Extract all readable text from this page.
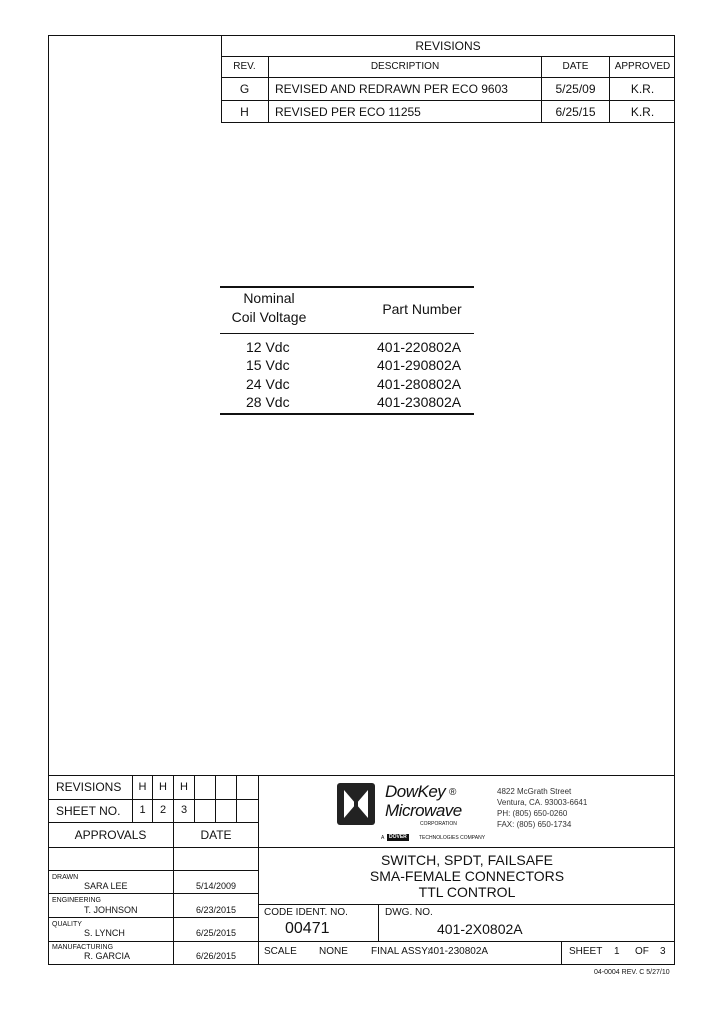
REVISIONS
REV.	DESCRIPTION	DATE	APPROVED
G	REVISED AND REDRAWN PER ECO 9603	5/25/09	K.R.
H	REVISED PER ECO 11255	6/25/15	K.R.
Nominal
Coil Voltage	Part Number
12 Vdc	401-220802A
15 Vdc	401-290802A
24 Vdc	401-280802A
28 Vdc	401-230802A
REVISIONS	H	H	H
SHEET NO.	1	2	3
APPROVALS	DATE
DRAWN
SARA LEE	5/14/2009
ENGINEERING
T. JOHNSON	6/23/2015
QUALITY
S. LYNCH	6/25/2015
MANUFACTURING
R. GARCIA	6/26/2015
DowKey ®
Microwave
CORPORATION
A DOVER	TECHNOLOGIES COMPANY
4822 McGrath Street
Ventura, CA. 93003-6641
PH: (805) 650-0260
FAX: (805) 650-1734
SWITCH, SPDT, FAILSAFE
SMA-FEMALE CONNECTORS
TTL CONTROL
CODE IDENT. NO.
00471
DWG. NO.
401-2X0802A
SCALE NONE FINAL ASSY:
401-230802A	SHEET 1 OF 3
04-0004 REV. C 5/27/10
